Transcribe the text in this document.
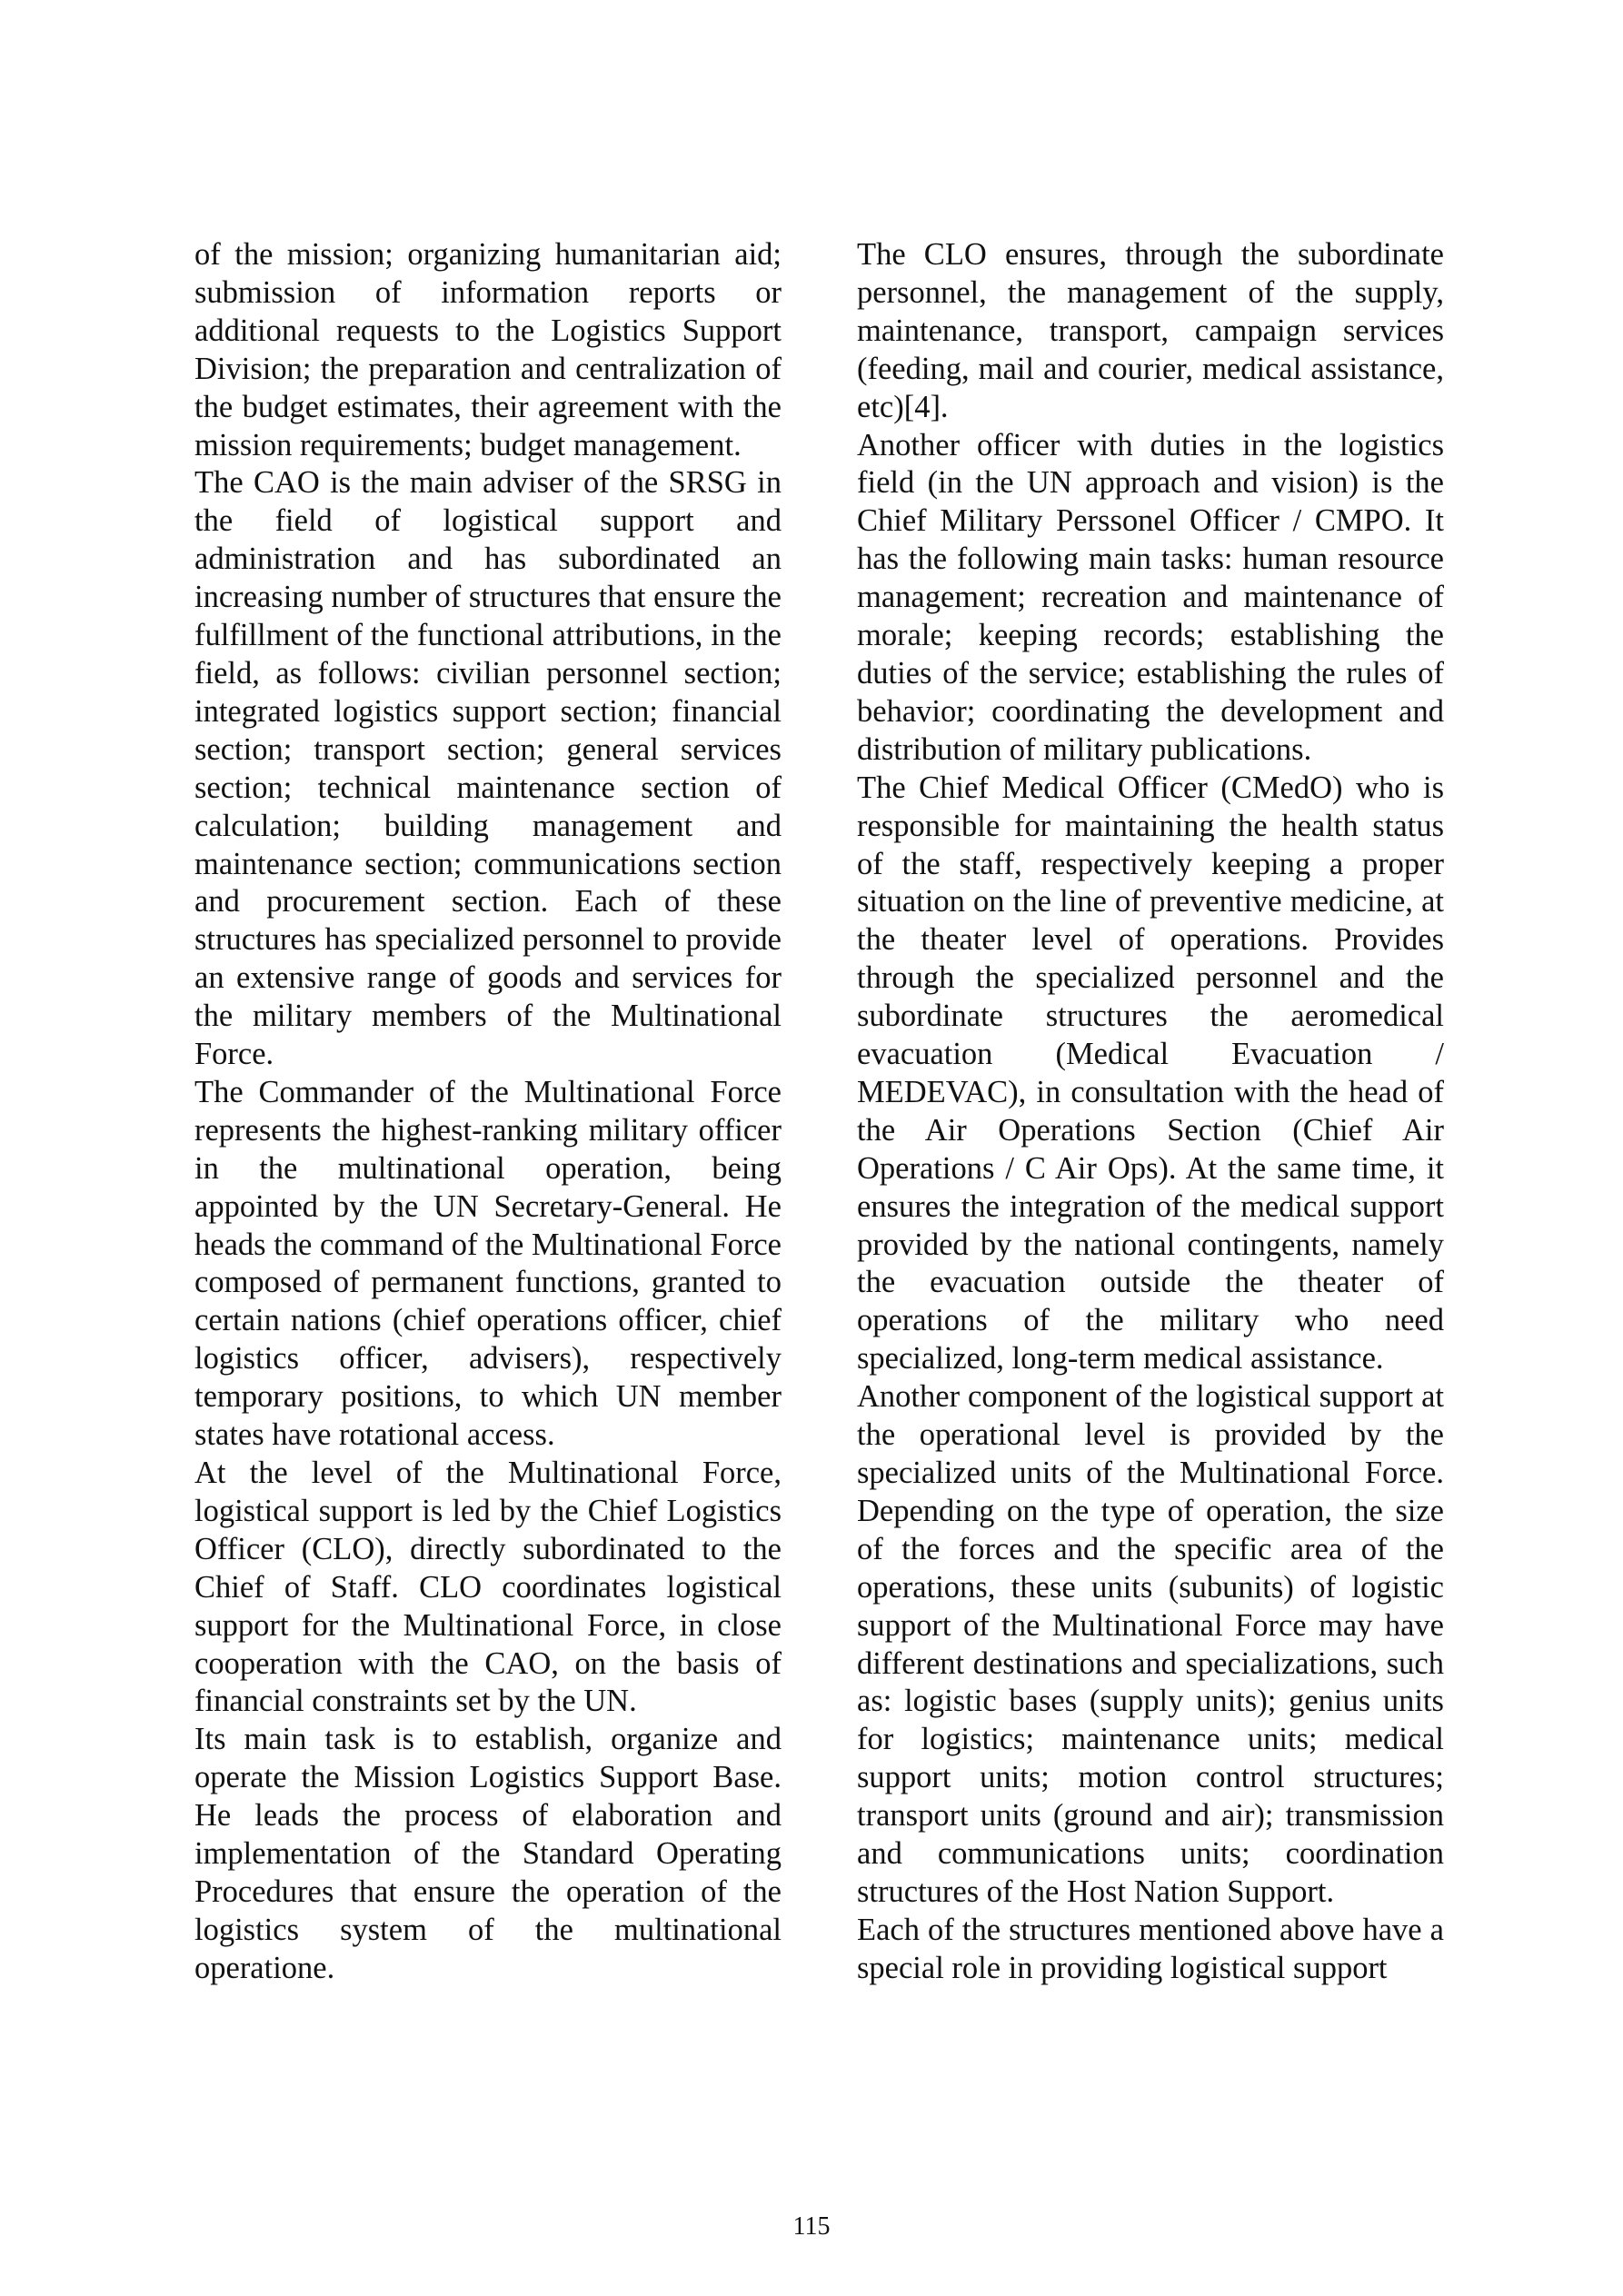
of the mission; organizing humanitarian aid; submission of information reports or additional requests to the Logistics Support Division; the preparation and centralization of the budget estimates, their agreement with the mission requirements; budget management.

The CAO is the main adviser of the SRSG in the field of logistical support and administration and has subordinated an increasing number of structures that ensure the fulfillment of the functional attributions, in the field, as follows: civilian personnel section; integrated logistics support section; financial section; transport section; general services section; technical maintenance section of calculation; building management and maintenance section; communications section and procurement section. Each of these structures has specialized personnel to provide an extensive range of goods and services for the military members of the Multinational Force.

The Commander of the Multinational Force represents the highest-ranking military officer in the multinational operation, being appointed by the UN Secretary-General. He heads the command of the Multinational Force composed of permanent functions, granted to certain nations (chief operations officer, chief logistics officer, advisers), respectively temporary positions, to which UN member states have rotational access.

At the level of the Multinational Force, logistical support is led by the Chief Logistics Officer (CLO), directly subordinated to the Chief of Staff. CLO coordinates logistical support for the Multinational Force, in close cooperation with the CAO, on the basis of financial constraints set by the UN.

Its main task is to establish, organize and operate the Mission Logistics Support Base. He leads the process of elaboration and implementation of the Standard Operating Procedures that ensure the operation of the logistics system of the multinational operatione.

The CLO ensures, through the subordinate personnel, the management of the supply, maintenance, transport, campaign services (feeding, mail and courier, medical assistance, etc)[4].

Another officer with duties in the logistics field (in the UN approach and vision) is the Chief Military Perssonel Officer / CMPO. It has the following main tasks: human resource management; recreation and maintenance of morale; keeping records; establishing the duties of the service; establishing the rules of behavior; coordinating the development and distribution of military publications.

The Chief Medical Officer (CMedO) who is responsible for maintaining the health status of the staff, respectively keeping a proper situation on the line of preventive medicine, at the theater level of operations. Provides through the specialized personnel and the subordinate structures the aeromedical evacuation (Medical Evacuation / MEDEVAC), in consultation with the head of the Air Operations Section (Chief Air Operations / C Air Ops). At the same time, it ensures the integration of the medical support provided by the national contingents, namely the evacuation outside the theater of operations of the military who need specialized, long-term medical assistance.

Another component of the logistical support at the operational level is provided by the specialized units of the Multinational Force. Depending on the type of operation, the size of the forces and the specific area of the operations, these units (subunits) of logistic support of the Multinational Force may have different destinations and specializations, such as: logistic bases (supply units); genius units for logistics; maintenance units; medical support units; motion control structures; transport units (ground and air); transmission and communications units; coordination structures of the Host Nation Support.

Each of the structures mentioned above have a special role in providing logistical support

115
